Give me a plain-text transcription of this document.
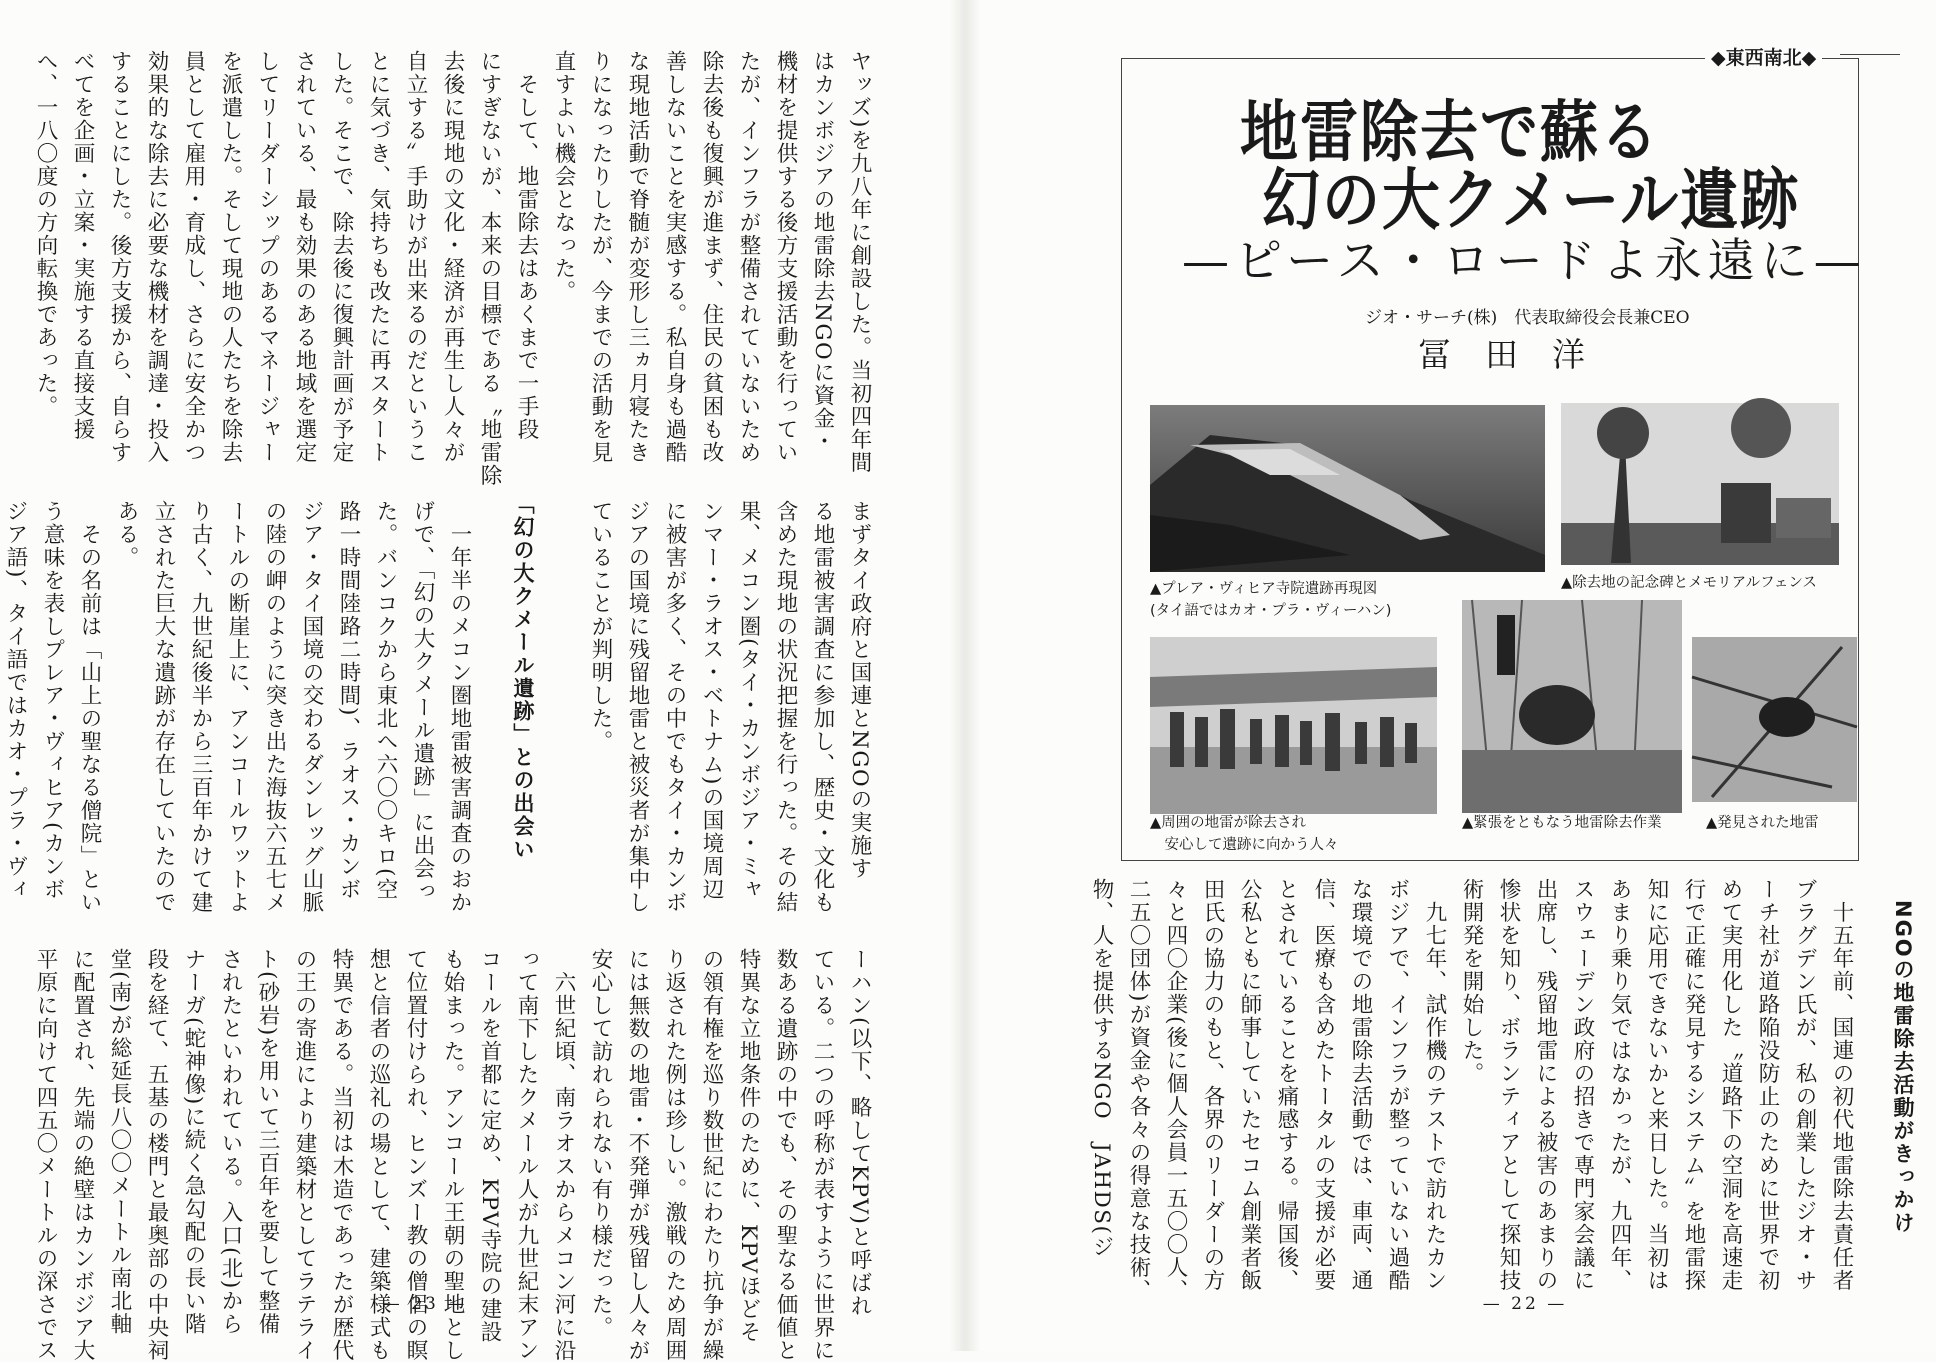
ヤッズ)を九八年に創設した。当初四年間
はカンボジアの地雷除去NGOに資金・
機材を提供する後方支援活動を行ってい
たが、インフラが整備されていないため
除去後も復興が進まず、住民の貧困も改
善しないことを実感する。私自身も過酷
な現地活動で脊髄が変形し三ヵ月寝たき
りになったりしたが、今までの活動を見
直すよい機会となった。
　そして、地雷除去はあくまで一手段
にすぎないが、本来の目標である〝地雷除
去後に現地の文化・経済が再生し人々が
自立する〟手助けが出来るのだというこ
とに気づき、気持ちも改たに再スタート
した。そこで、除去後に復興計画が予定
されている、最も効果のある地域を選定
してリーダーシップのあるマネージャー
を派遣した。そして現地の人たちを除去
員として雇用・育成し、さらに安全かつ
効果的な除去に必要な機材を調達・投入
することにした。後方支援から、自らす
べてを企画・立案・実施する直接支援
へ、一八〇度の方向転換であった。
まずタイ政府と国連とNGOの実施す
る地雷被害調査に参加し、歴史・文化も
含めた現地の状況把握を行った。その結
果、メコン圏(タイ・カンボジア・ミャ
ンマー・ラオス・ベトナム)の国境周辺
に被害が多く、その中でもタイ・カンボ
ジアの国境に残留地雷と被災者が集中し
ていることが判明した。
「幻の大クメール遺跡」との出会い
　一年半のメコン圏地雷被害調査のおか
げで、「幻の大クメール遺跡」に出会っ
た。バンコクから東北へ六〇〇キロ(空
路一時間陸路二時間)、ラオス・カンボ
ジア・タイ国境の交わるダンレッグ山脈
の陸の岬のように突き出た海抜六五七メ
ートルの断崖上に、アンコールワットよ
り古く、九世紀後半から三百年かけて建
立された巨大な遺跡が存在していたので
ある。
　その名前は「山上の聖なる僧院」とい
う意味を表しプレア・ヴィヒア(カンボ
ジア語)、タイ語ではカオ・プラ・ヴィ
ーハン(以下、略してKPV)と呼ばれ
ている。二つの呼称が表すように世界に
数ある遺跡の中でも、その聖なる価値と
特異な立地条件のために、KPVほどそ
の領有権を巡り数世紀にわたり抗争が繰
り返された例は珍しい。激戦のため周囲
には無数の地雷・不発弾が残留し人々が
安心して訪れられない有り様だった。
　六世紀頃、南ラオスからメコン河に沿
って南下したクメール人が九世紀末アン
コールを首都に定め、KPV寺院の建設
も始まった。アンコール王朝の聖地とし
て位置付けられ、ヒンズー教の僧侶の瞑
想と信者の巡礼の場として、建築様式も
特異である。当初は木造であったが歴代
の王の寄進により建築材としてラテライ
ト(砂岩)を用いて三百年を要して整備
されたといわれている。入口(北)から
ナーガ(蛇神像)に続く急勾配の長い階
段を経て、五基の楼門と最奥部の中央祠
堂(南)が総延長八〇〇メートル南北軸
に配置され、先端の絶壁はカンボジア大
平原に向けて四五〇メートルの深さでス	— 23 —
◆東西南北◆
地雷除去で蘇る
幻の大クメール遺跡
—ピース・ロードよ永遠に—
ジオ・サーチ(株)　代表取締役会長兼CEO
冨田洋
▲プレア・ヴィヒア寺院遺跡再現図
(タイ語ではカオ・プラ・ヴィーハン)
▲除去地の記念碑とメモリアルフェンス
▲周囲の地雷が除去され
　安心して遺跡に向かう人々
▲緊張をともなう地雷除去作業	▲発見された地雷
NGOの地雷除去活動がきっかけ
　十五年前、国連の初代地雷除去責任者
ブラグデン氏が、私の創業したジオ・サ
ーチ社が道路陥没防止のために世界で初
めて実用化した〝道路下の空洞を高速走
行で正確に発見するシステム〟を地雷探
知に応用できないかと来日した。当初は
あまり乗り気ではなかったが、九四年、
スウェーデン政府の招きで専門家会議に
出席し、残留地雷による被害のあまりの
惨状を知り、ボランティアとして探知技
術開発を開始した。
　九七年、試作機のテストで訪れたカン
ボジアで、インフラが整っていない過酷
な環境での地雷除去活動では、車両、通
信、医療も含めたトータルの支援が必要
とされていることを痛感する。帰国後、
公私ともに師事していたセコム創業者飯
田氏の協力のもと、各界のリーダーの方
々と四〇企業(後に個人会員一五〇〇人、
二五〇団体)が資金や各々の得意な技術、
物、人を提供するNGO　JAHDS(ジ
— 22 —
